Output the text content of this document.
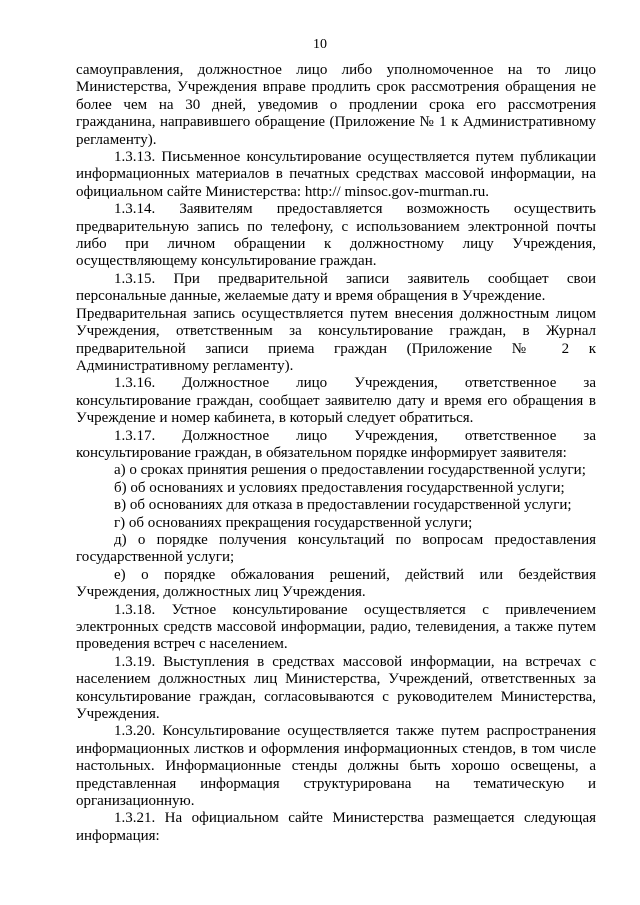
10

самоуправления, должностное лицо либо уполномоченное на то лицо Министерства, Учреждения вправе продлить срок рассмотрения обращения не более чем на 30 дней, уведомив о продлении срока его рассмотрения гражданина, направившего обращение (Приложение № 1 к Административному регламенту).

1.3.13. Письменное консультирование осуществляется путем публикации информационных материалов в печатных средствах массовой информации, на официальном сайте Министерства: http:// minsoc.gov-murman.ru.

1.3.14. Заявителям предоставляется возможность осуществить предварительную запись по телефону, с использованием электронной почты либо при личном обращении к должностному лицу Учреждения, осуществляющему консультирование граждан.

1.3.15. При предварительной записи заявитель сообщает свои персональные данные, желаемые дату и время обращения в Учреждение.

Предварительная запись осуществляется путем внесения должностным лицом Учреждения, ответственным за консультирование граждан, в Журнал предварительной записи приема граждан (Приложение № 2 к Административному регламенту).

1.3.16. Должностное лицо Учреждения, ответственное за консультирование граждан, сообщает заявителю дату и время его обращения в Учреждение и номер кабинета, в который следует обратиться.

1.3.17. Должностное лицо Учреждения, ответственное за консультирование граждан, в обязательном порядке информирует заявителя:

а) о сроках принятия решения о предоставлении государственной услуги;

б) об основаниях и условиях предоставления государственной услуги;

в) об основаниях для отказа в предоставлении государственной услуги;

г) об основаниях прекращения государственной услуги;

д) о порядке получения консультаций по вопросам предоставления государственной услуги;

е) о порядке обжалования решений, действий или бездействия Учреждения, должностных лиц Учреждения.

1.3.18. Устное консультирование осуществляется с привлечением электронных средств массовой информации, радио, телевидения, а также путем проведения встреч с населением.

1.3.19. Выступления в средствах массовой информации, на встречах с населением должностных лиц Министерства, Учреждений, ответственных за консультирование граждан, согласовываются с руководителем Министерства, Учреждения.

1.3.20. Консультирование осуществляется также путем распространения информационных листков и оформления информационных стендов, в том числе настольных. Информационные стенды должны быть хорошо освещены, а представленная информация структурирована на тематическую и организационную.

1.3.21. На официальном сайте Министерства размещается следующая информация:
